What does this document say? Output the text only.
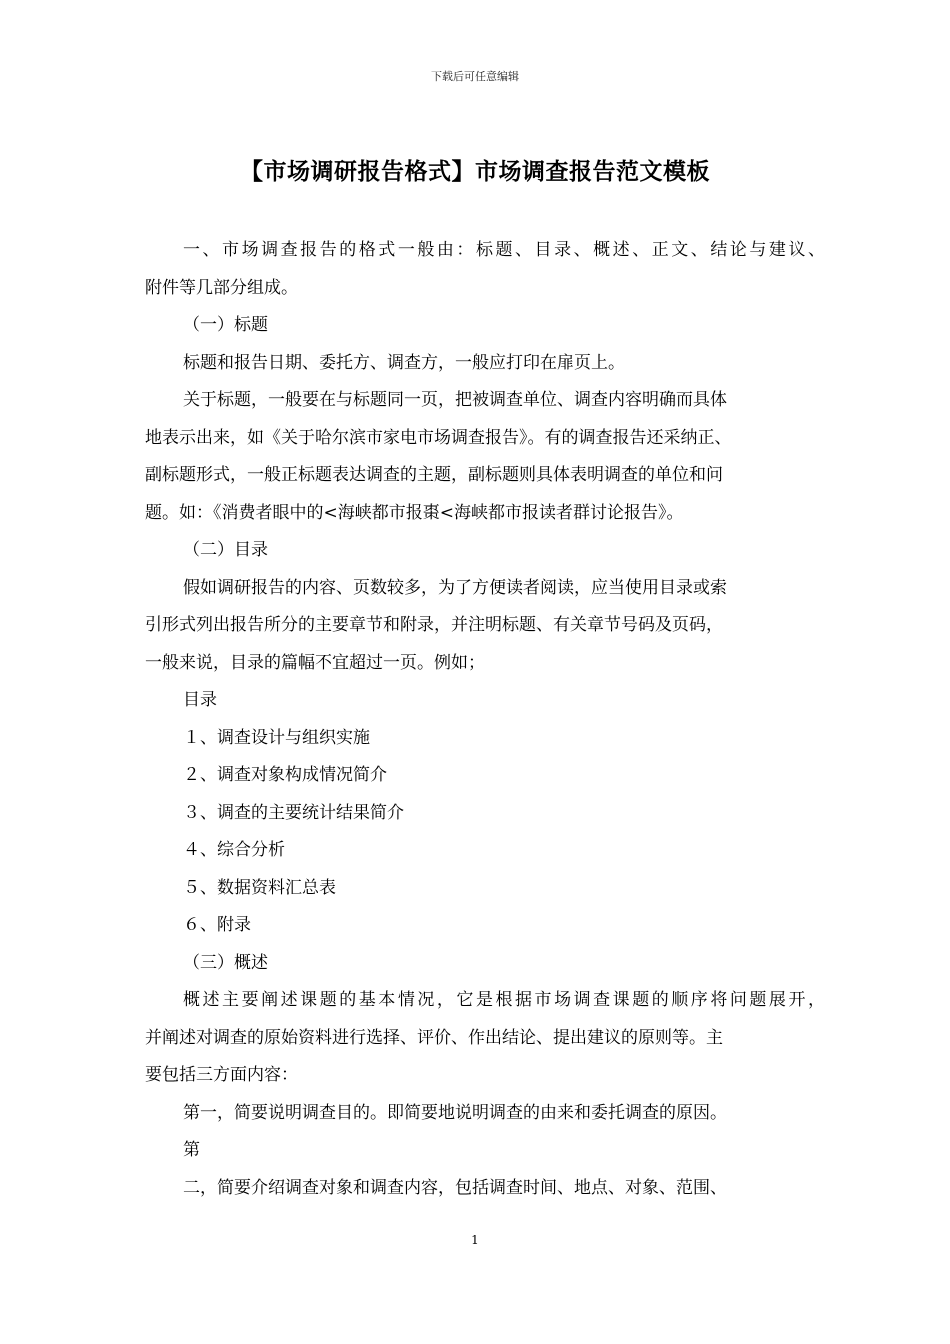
下载后可任意编辑
【市场调研报告格式】市场调查报告范文模板
一、市场调查报告的格式一般由：标题、目录、概述、正文、结论与建议、
附件等几部分组成。
（一）标题
标题和报告日期、委托方、调查方，一般应打印在扉页上。
关于标题，一般要在与标题同一页，把被调查单位、调查内容明确而具体
地表示出来，如《关于哈尔滨市家电市场调查报告》。有的调查报告还采纳正、
副标题形式，一般正标题表达调查的主题，副标题则具体表明调查的单位和问
题。如：《消费者眼中的<海峡都市报棗<海峡都市报读者群讨论报告》。
（二）目录
假如调研报告的内容、页数较多，为了方便读者阅读，应当使用目录或索
引形式列出报告所分的主要章节和附录，并注明标题、有关章节号码及页码，
一般来说，目录的篇幅不宜超过一页。例如；
目录
１、调查设计与组织实施
２、调查对象构成情况简介
３、调查的主要统计结果简介
４、综合分析
５、数据资料汇总表
６、附录
（三）概述
概述主要阐述课题的基本情况，它是根据市场调查课题的顺序将问题展开，
并阐述对调查的原始资料进行选择、评价、作出结论、提出建议的原则等。主
要包括三方面内容：
第一，简要说明调查目的。即简要地说明调查的由来和委托调查的原因。
第
二，简要介绍调查对象和调查内容，包括调查时间、地点、对象、范围、
1
